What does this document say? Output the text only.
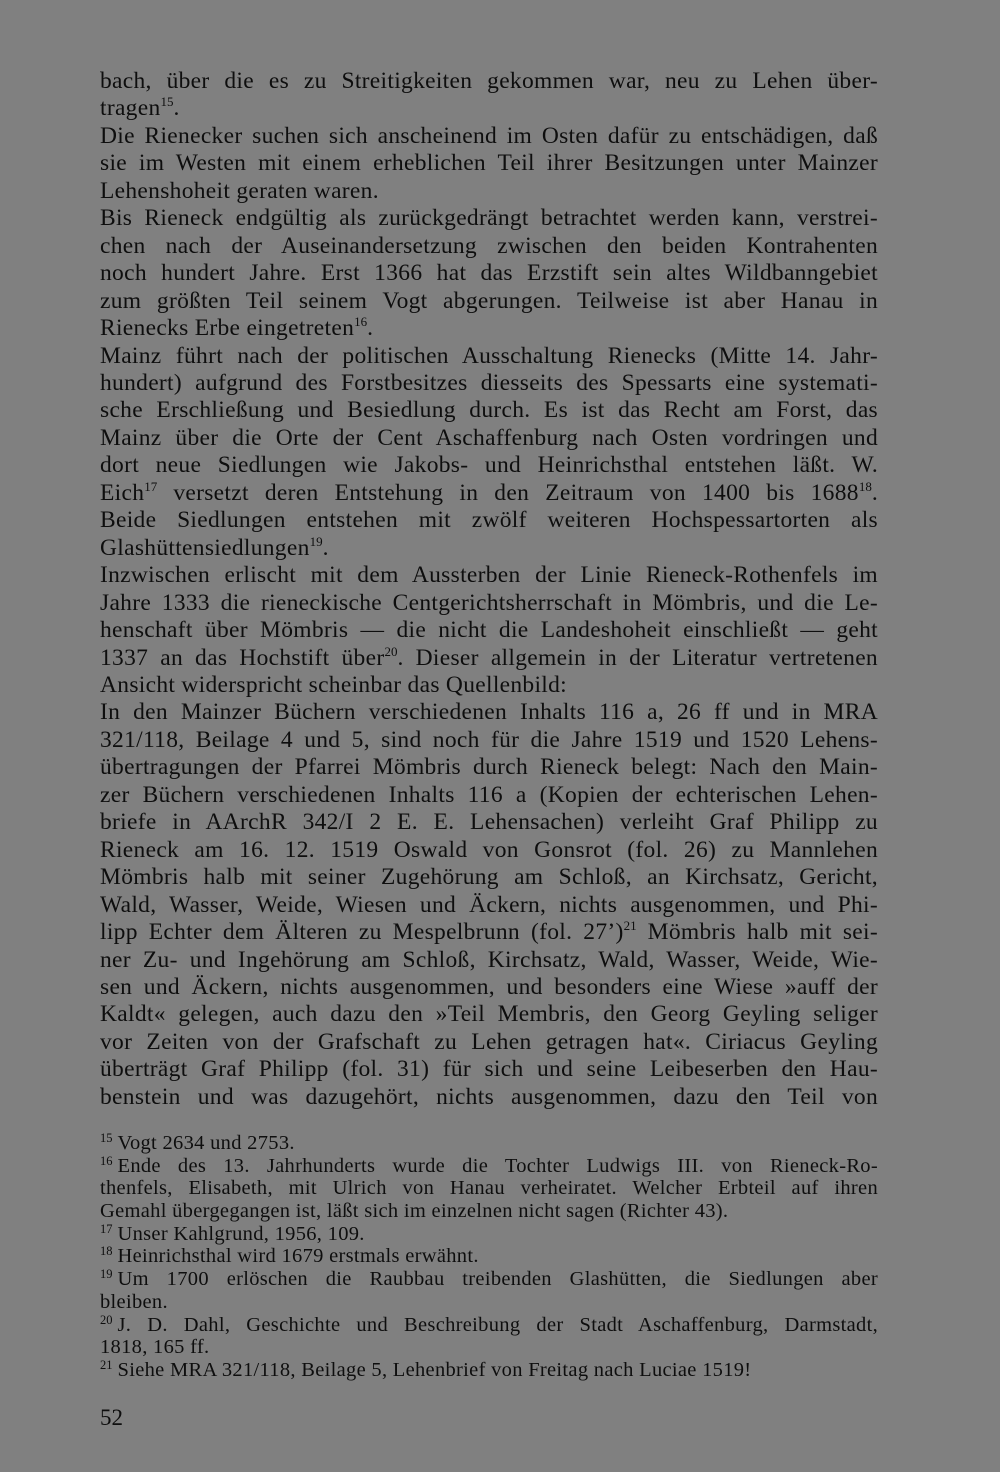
bach, über die es zu Streitigkeiten gekommen war, neu zu Lehen über-
tragen$^{15}$.
Die Rienecker suchen sich anscheinend im Osten dafür zu entschädigen, daß
sie im Westen mit einem erheblichen Teil ihrer Besitzungen unter Mainzer
Lehenshoheit geraten waren.
Bis Rieneck endgültig als zurückgedrängt betrachtet werden kann, verstrei-
chen nach der Auseinandersetzung zwischen den beiden Kontrahenten
noch hundert Jahre. Erst 1366 hat das Erzstift sein altes Wildbanngebiet
zum größten Teil seinem Vogt abgerungen. Teilweise ist aber Hanau in
Rienecks Erbe eingetreten$^{16}$.
Mainz führt nach der politischen Ausschaltung Rienecks (Mitte 14. Jahr-
hundert) aufgrund des Forstbesitzes diesseits des Spessarts eine systemati-
sche Erschließung und Besiedlung durch. Es ist das Recht am Forst, das
Mainz über die Orte der Cent Aschaffenburg nach Osten vordringen und
dort neue Siedlungen wie Jakobs- und Heinrichsthal entstehen läßt. W.
Eich$^{17}$ versetzt deren Entstehung in den Zeitraum von 1400 bis 1688$^{18}$.
Beide Siedlungen entstehen mit zwölf weiteren Hochspessartorten als
Glashüttensiedlungen$^{19}$.
Inzwischen erlischt mit dem Aussterben der Linie Rieneck-Rothenfels im
Jahre 1333 die rieneckische Centgerichtsherrschaft in Mömbris, und die Le-
henschaft über Mömbris — die nicht die Landeshoheit einschließt — geht
1337 an das Hochstift über$^{20}$. Dieser allgemein in der Literatur vertretenen
Ansicht widerspricht scheinbar das Quellenbild:
In den Mainzer Büchern verschiedenen Inhalts 116 a, 26 ff und in MRA
321/118, Beilage 4 und 5, sind noch für die Jahre 1519 und 1520 Lehens-
übertragungen der Pfarrei Mömbris durch Rieneck belegt: Nach den Main-
zer Büchern verschiedenen Inhalts 116 a (Kopien der echterischen Lehen-
briefe in AArchR 342/I 2 E. E. Lehensachen) verleiht Graf Philipp zu
Rieneck am 16. 12. 1519 Oswald von Gonsrot (fol. 26) zu Mannlehen
Mömbris halb mit seiner Zugehörung am Schloß, an Kirchsatz, Gericht,
Wald, Wasser, Weide, Wiesen und Äckern, nichts ausgenommen, und Phi-
lipp Echter dem Älteren zu Mespelbrunn (fol. 27’)$^{21}$ Mömbris halb mit sei-
ner Zu- und Ingehörung am Schloß, Kirchsatz, Wald, Wasser, Weide, Wie-
sen und Äckern, nichts ausgenommen, und besonders eine Wiese »auff der
Kaldt« gelegen, auch dazu den »Teil Membris, den Georg Geyling seliger
vor Zeiten von der Grafschaft zu Lehen getragen hat«. Ciriacus Geyling
überträgt Graf Philipp (fol. 31) für sich und seine Leibeserben den Hau-
benstein und was dazugehört, nichts ausgenommen, dazu den Teil von
$^{15}$ Vogt 2634 und 2753.
$^{16}$ Ende des 13. Jahrhunderts wurde die Tochter Ludwigs III. von Rieneck-Ro-
thenfels, Elisabeth, mit Ulrich von Hanau verheiratet. Welcher Erbteil auf ihren
Gemahl übergegangen ist, läßt sich im einzelnen nicht sagen (Richter 43).
$^{17}$ Unser Kahlgrund, 1956, 109.
$^{18}$ Heinrichsthal wird 1679 erstmals erwähnt.
$^{19}$ Um 1700 erlöschen die Raubbau treibenden Glashütten, die Siedlungen aber
bleiben.
$^{20}$ J. D. Dahl, Geschichte und Beschreibung der Stadt Aschaffenburg, Darmstadt,
1818, 165 ff.
$^{21}$ Siehe MRA 321/118, Beilage 5, Lehenbrief von Freitag nach Luciae 1519!
52
